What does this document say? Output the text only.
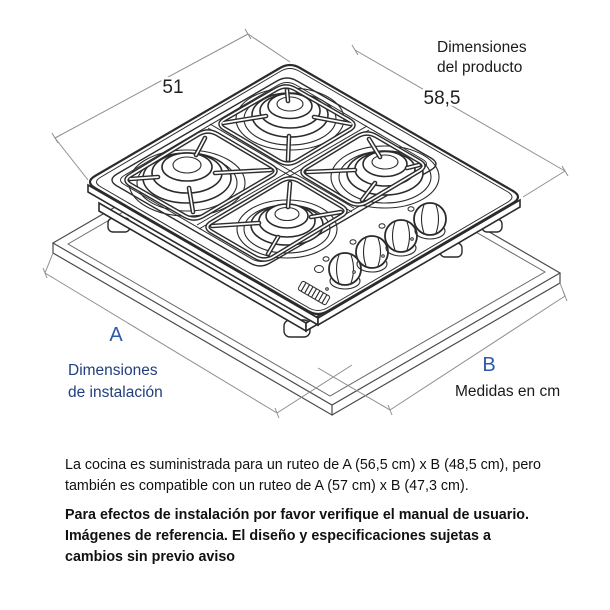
51
58,5
Dimensiones
del producto
A
B
Dimensiones
de instalación	Medidas en cm
La cocina es suministrada para un ruteo de A (56,5 cm) x B (48,5 cm), pero
también es compatible con un ruteo de A (57 cm) x B (47,3 cm).
Para efectos de instalación por favor verifique el manual de usuario.
Imágenes de referencia. El diseño y especificaciones sujetas a
cambios sin previo aviso
